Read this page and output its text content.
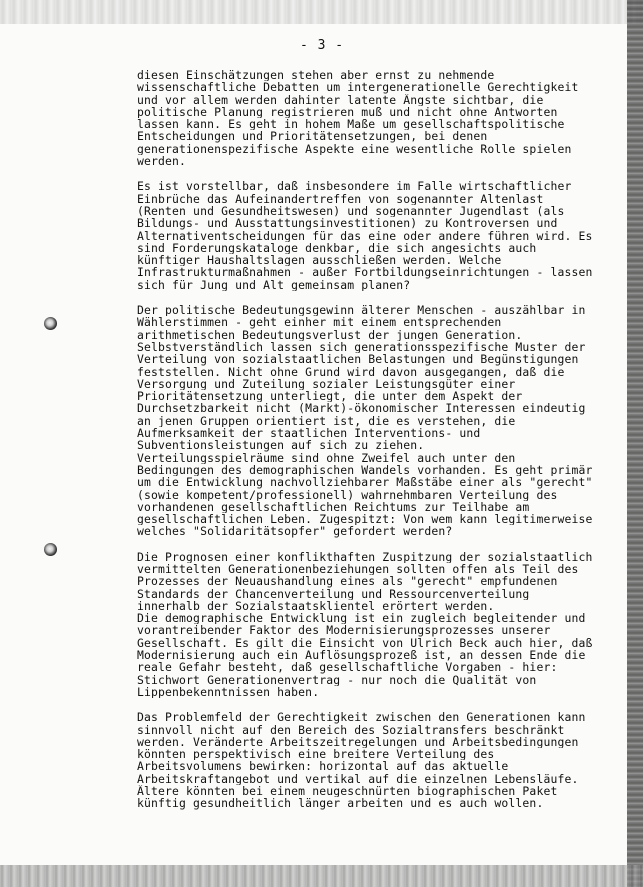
- 3 -
diesen Einschätzungen stehen aber ernst zu nehmende
wissenschaftliche Debatten um intergenerationelle Gerechtigkeit
und vor allem werden dahinter latente Ängste sichtbar, die
politische Planung registrieren muß und nicht ohne Antworten
lassen kann. Es geht in hohem Maße um gesellschaftspolitische
Entscheidungen und Prioritätensetzungen, bei denen
generationenspezifische Aspekte eine wesentliche Rolle spielen
werden.
Es ist vorstellbar, daß insbesondere im Falle wirtschaftlicher
Einbrüche das Aufeinandertreffen von sogenannter Altenlast
(Renten und Gesundheitswesen) und sogenannter Jugendlast (als
Bildungs- und Ausstattungsinvestitionen) zu Kontroversen und
Alternativentscheidungen für das eine oder andere führen wird. Es
sind Forderungskataloge denkbar, die sich angesichts auch
künftiger Haushaltslagen ausschließen werden. Welche
Infrastrukturmaßnahmen - außer Fortbildungseinrichtungen - lassen
sich für Jung und Alt gemeinsam planen?
Der politische Bedeutungsgewinn älterer Menschen - auszählbar in
Wählerstimmen - geht einher mit einem entsprechenden
arithmetischen Bedeutungsverlust der jungen Generation.
Selbstverständlich lassen sich generationsspezifische Muster der
Verteilung von sozialstaatlichen Belastungen und Begünstigungen
feststellen. Nicht ohne Grund wird davon ausgegangen, daß die
Versorgung und Zuteilung sozialer Leistungsgüter einer
Prioritätensetzung unterliegt, die unter dem Aspekt der
Durchsetzbarkeit nicht (Markt)-ökonomischer Interessen eindeutig
an jenen Gruppen orientiert ist, die es verstehen, die
Aufmerksamkeit der staatlichen Interventions- und
Subventionsleistungen auf sich zu ziehen.
Verteilungsspielräume sind ohne Zweifel auch unter den
Bedingungen des demographischen Wandels vorhanden. Es geht primär
um die Entwicklung nachvollziehbarer Maßstäbe einer als "gerecht"
(sowie kompetent/professionell) wahrnehmbaren Verteilung des
vorhandenen gesellschaftlichen Reichtums zur Teilhabe am
gesellschaftlichen Leben. Zugespitzt: Von wem kann legitimerweise
welches "Solidaritätsopfer" gefordert werden?
Die Prognosen einer konflikthaften Zuspitzung der sozialstaatlich
vermittelten Generationenbeziehungen sollten offen als Teil des
Prozesses der Neuaushandlung eines als "gerecht" empfundenen
Standards der Chancenverteilung und Ressourcenverteilung
innerhalb der Sozialstaatsklientel erörtert werden.
Die demographische Entwicklung ist ein zugleich begleitender und
vorantreibender Faktor des Modernisierungsprozesses unserer
Gesellschaft. Es gilt die Einsicht von Ulrich Beck auch hier, daß
Modernisierung auch ein Auflösungsprozeß ist, an dessen Ende die
reale Gefahr besteht, daß gesellschaftliche Vorgaben - hier:
Stichwort Generationenvertrag - nur noch die Qualität von
Lippenbekenntnissen haben.
Das Problemfeld der Gerechtigkeit zwischen den Generationen kann
sinnvoll nicht auf den Bereich des Sozialtransfers beschränkt
werden. Veränderte Arbeitszeitregelungen und Arbeitsbedingungen
könnten perspektivisch eine breitere Verteilung des
Arbeitsvolumens bewirken: horizontal auf das aktuelle
Arbeitskraftangebot und vertikal auf die einzelnen Lebensläufe.
Ältere könnten bei einem neugeschnürten biographischen Paket
künftig gesundheitlich länger arbeiten und es auch wollen.
